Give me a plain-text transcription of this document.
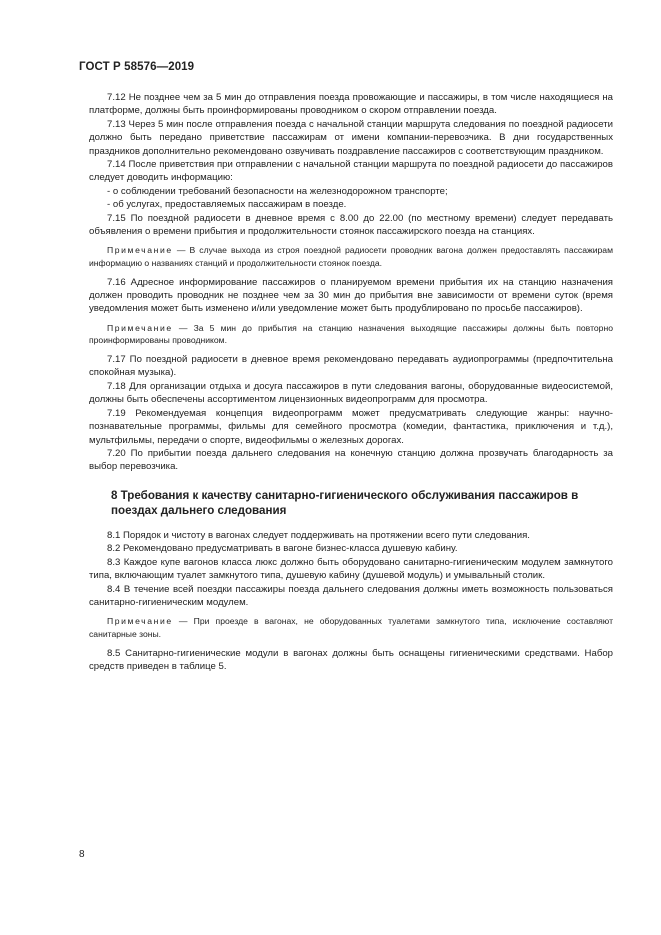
ГОСТ Р 58576—2019

7.12 Не позднее чем за 5 мин до отправления поезда провожающие и пассажиры, в том числе находящиеся на платформе, должны быть проинформированы проводником о скором отправлении поезда.

7.13 Через 5 мин после отправления поезда с начальной станции маршрута следования по поездной радиосети должно быть передано приветствие пассажирам от имени компании-перевозчика. В дни государственных праздников дополнительно рекомендовано озвучивать поздравление пассажиров с соответствующим праздником.

7.14 После приветствия при отправлении с начальной станции маршрута по поездной радиосети до пассажиров следует доводить информацию:

- о соблюдении требований безопасности на железнодорожном транспорте;

- об услугах, предоставляемых пассажирам в поезде.

7.15 По поездной радиосети в дневное время с 8.00 до 22.00 (по местному времени) следует передавать объявления о времени прибытия и продолжительности стоянок пассажирского поезда на станциях.

Примечание — В случае выхода из строя поездной радиосети проводник вагона должен предоставлять пассажирам информацию о названиях станций и продолжительности стоянок поезда.

7.16 Адресное информирование пассажиров о планируемом времени прибытия их на станцию назначения должен проводить проводник не позднее чем за 30 мин до прибытия вне зависимости от времени суток (время уведомления может быть изменено и/или уведомление может быть продублировано по просьбе пассажиров).

Примечание — За 5 мин до прибытия на станцию назначения выходящие пассажиры должны быть повторно проинформированы проводником.

7.17 По поездной радиосети в дневное время рекомендовано передавать аудиопрограммы (предпочтительна спокойная музыка).

7.18 Для организации отдыха и досуга пассажиров в пути следования вагоны, оборудованные видеосистемой, должны быть обеспечены ассортиментом лицензионных видеопрограмм для просмотра.

7.19 Рекомендуемая концепция видеопрограмм может предусматривать следующие жанры: научно-познавательные программы, фильмы для семейного просмотра (комедии, фантастика, приключения и т.д.), мультфильмы, передачи о спорте, видеофильмы о железных дорогах.

7.20 По прибытии поезда дальнего следования на конечную станцию должна прозвучать благодарность за выбор перевозчика.

8 Требования к качеству санитарно-гигиенического обслуживания пассажиров в поездах дальнего следования

8.1 Порядок и чистоту в вагонах следует поддерживать на протяжении всего пути следования.

8.2 Рекомендовано предусматривать в вагоне бизнес-класса душевую кабину.

8.3 Каждое купе вагонов класса люкс должно быть оборудовано санитарно-гигиеническим модулем замкнутого типа, включающим туалет замкнутого типа, душевую кабину (душевой модуль) и умывальный столик.

8.4 В течение всей поездки пассажиры поезда дальнего следования должны иметь возможность пользоваться санитарно-гигиеническим модулем.

Примечание — При проезде в вагонах, не оборудованных туалетами замкнутого типа, исключение составляют санитарные зоны.

8.5 Санитарно-гигиенические модули в вагонах должны быть оснащены гигиеническими средствами. Набор средств приведен в таблице 5.

8
